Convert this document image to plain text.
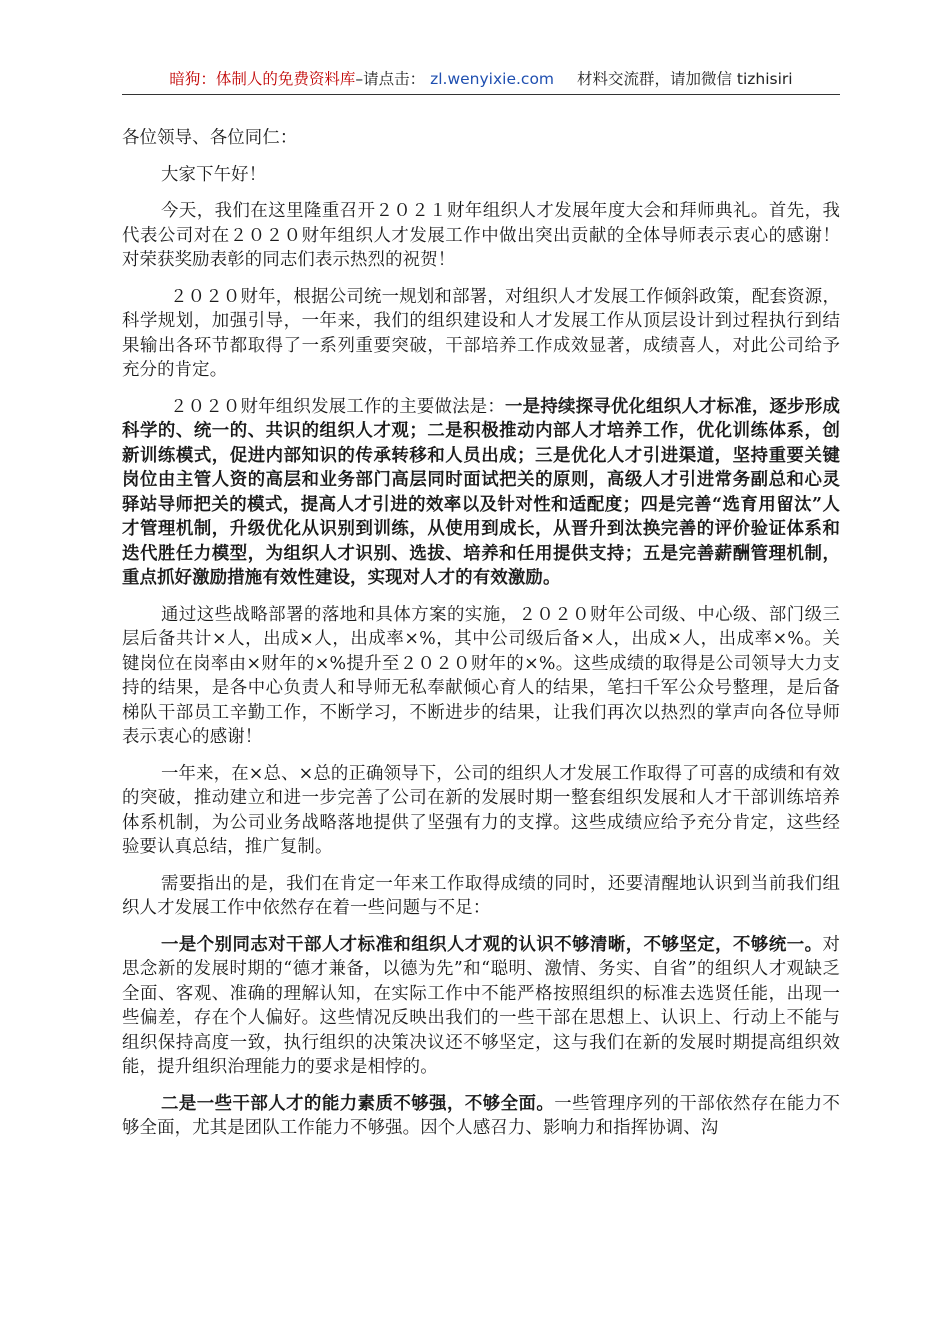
暗狗：体制人的免费资料库–请点击： zl.wenyixie.com 材料交流群，请加微信 tizhisiri

各位领导、各位同仁：

大家下午好！

今天，我们在这里隆重召开２０２１财年组织人才发展年度大会和拜师典礼。首先，我代表公司对在２０２０财年组织人才发展工作中做出突出贡献的全体导师表示衷心的感谢！对荣获奖励表彰的同志们表示热烈的祝贺！

２０２０财年，根据公司统一规划和部署，对组织人才发展工作倾斜政策，配套资源，科学规划，加强引导，一年来，我们的组织建设和人才发展工作从顶层设计到过程执行到结果输出各环节都取得了一系列重要突破，干部培养工作成效显著，成绩喜人，对此公司给予充分的肯定。

２０２０财年组织发展工作的主要做法是：一是持续探寻优化组织人才标准，逐步形成科学的、统一的、共识的组织人才观；二是积极推动内部人才培养工作，优化训练体系，创新训练模式，促进内部知识的传承转移和人员出成；三是优化人才引进渠道，坚持重要关键岗位由主管人资的高层和业务部门高层同时面试把关的原则，高级人才引进常务副总和心灵驿站导师把关的模式，提高人才引进的效率以及针对性和适配度；四是完善“选育用留汰”人才管理机制，升级优化从识别到训练，从使用到成长，从晋升到汰换完善的评价验证体系和迭代胜任力模型，为组织人才识别、选拔、培养和任用提供支持；五是完善薪酬管理机制，重点抓好激励措施有效性建设，实现对人才的有效激励。

通过这些战略部署的落地和具体方案的实施，２０２０财年公司级、中心级、部门级三层后备共计×人，出成×人，出成率×%，其中公司级后备×人，出成×人，出成率×%。关键岗位在岗率由×财年的×%提升至２０２０财年的×%。这些成绩的取得是公司领导大力支持的结果，是各中心负责人和导师无私奉献倾心育人的结果，笔扫千军公众号整理，是后备梯队干部员工辛勤工作，不断学习，不断进步的结果，让我们再次以热烈的掌声向各位导师表示衷心的感谢！

一年来，在×总、×总的正确领导下，公司的组织人才发展工作取得了可喜的成绩和有效的突破，推动建立和进一步完善了公司在新的发展时期一整套组织发展和人才干部训练培养体系机制，为公司业务战略落地提供了坚强有力的支撑。这些成绩应给予充分肯定，这些经验要认真总结，推广复制。

需要指出的是，我们在肯定一年来工作取得成绩的同时，还要清醒地认识到当前我们组织人才发展工作中依然存在着一些问题与不足：

一是个别同志对干部人才标准和组织人才观的认识不够清晰，不够坚定，不够统一。对思念新的发展时期的“德才兼备，以德为先”和“聪明、激情、务实、自省”的组织人才观缺乏全面、客观、准确的理解认知，在实际工作中不能严格按照组织的标准去选贤任能，出现一些偏差，存在个人偏好。这些情况反映出我们的一些干部在思想上、认识上、行动上不能与组织保持高度一致，执行组织的决策决议还不够坚定，这与我们在新的发展时期提高组织效能，提升组织治理能力的要求是相悖的。

二是一些干部人才的能力素质不够强，不够全面。一些管理序列的干部依然存在能力不够全面，尤其是团队工作能力不够强。因个人感召力、影响力和指挥协调、沟
